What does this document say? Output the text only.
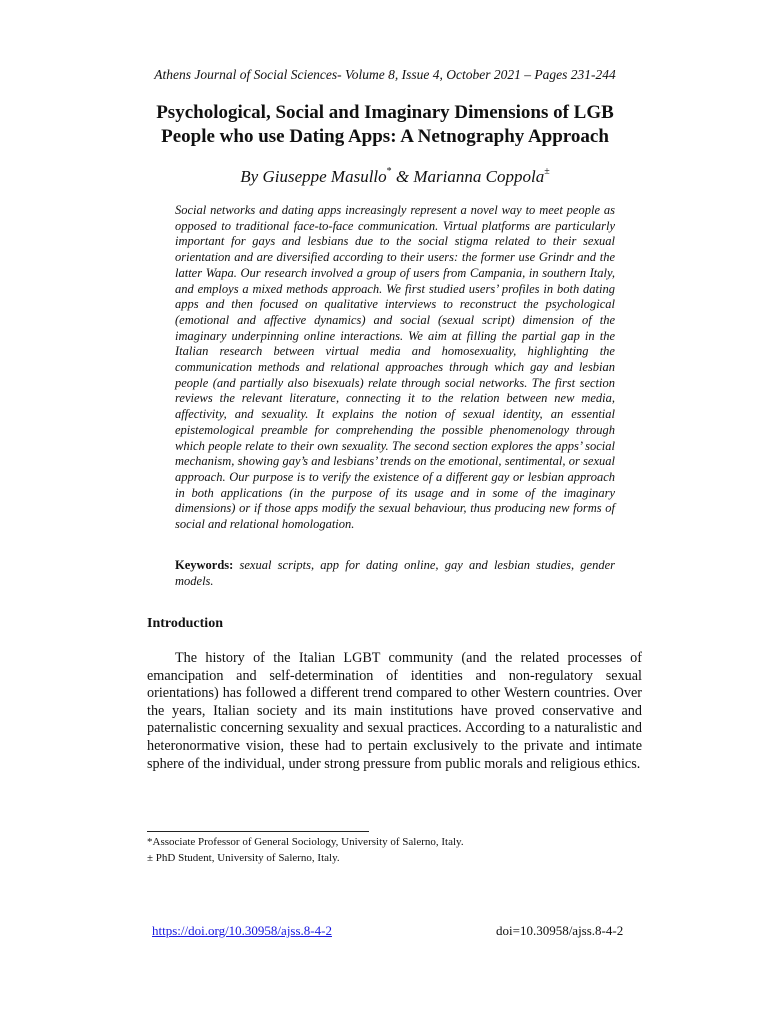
Athens Journal of Social Sciences- Volume 8, Issue 4, October 2021 – Pages 231-244
Psychological, Social and Imaginary Dimensions of LGB
People who use Dating Apps: A Netnography Approach
By Giuseppe Masullo* & Marianna Coppola±

Social networks and dating apps increasingly represent a novel way to meet people as opposed to traditional face-to-face communication. Virtual platforms are particularly important for gays and lesbians due to the social stigma related to their sexual orientation and are diversified according to their users: the former use Grindr and the latter Wapa. Our research involved a group of users from Campania, in southern Italy, and employs a mixed methods approach. We first studied users’ profiles in both dating apps and then focused on qualitative interviews to reconstruct the psychological (emotional and affective dynamics) and social (sexual script) dimension of the imaginary underpinning online interactions. We aim at filling the partial gap in the Italian research between virtual media and homosexuality, highlighting the communication methods and relational approaches through which gay and lesbian people (and partially also bisexuals) relate through social networks. The first section reviews the relevant literature, connecting it to the relation between new media, affectivity, and sexuality. It explains the notion of sexual identity, an essential epistemological preamble for comprehending the possible phenomenology through which people relate to their own sexuality. The second section explores the apps’ social mechanism, showing gay’s and lesbians’ trends on the emotional, sentimental, or sexual approach. Our purpose is to verify the existence of a different gay or lesbian approach in both applications (in the purpose of its usage and in some of the imaginary dimensions) or if those apps modify the sexual behaviour, thus producing new forms of social and relational homologation.

Keywords: sexual scripts, app for dating online, gay and lesbian studies, gender models.

Introduction

The history of the Italian LGBT community (and the related processes of emancipation and self-determination of identities and non-regulatory sexual orientations) has followed a different trend compared to other Western countries. Over the years, Italian society and its main institutions have proved conservative and paternalistic concerning sexuality and sexual practices. According to a naturalistic and heteronormative vision, these had to pertain exclusively to the private and intimate sphere of the individual, under strong pressure from public morals and religious ethics.

*Associate Professor of General Sociology, University of Salerno, Italy.
± PhD Student, University of Salerno, Italy.
https://doi.org/10.30958/ajss.8-4-2	doi=10.30958/ajss.8-4-2
